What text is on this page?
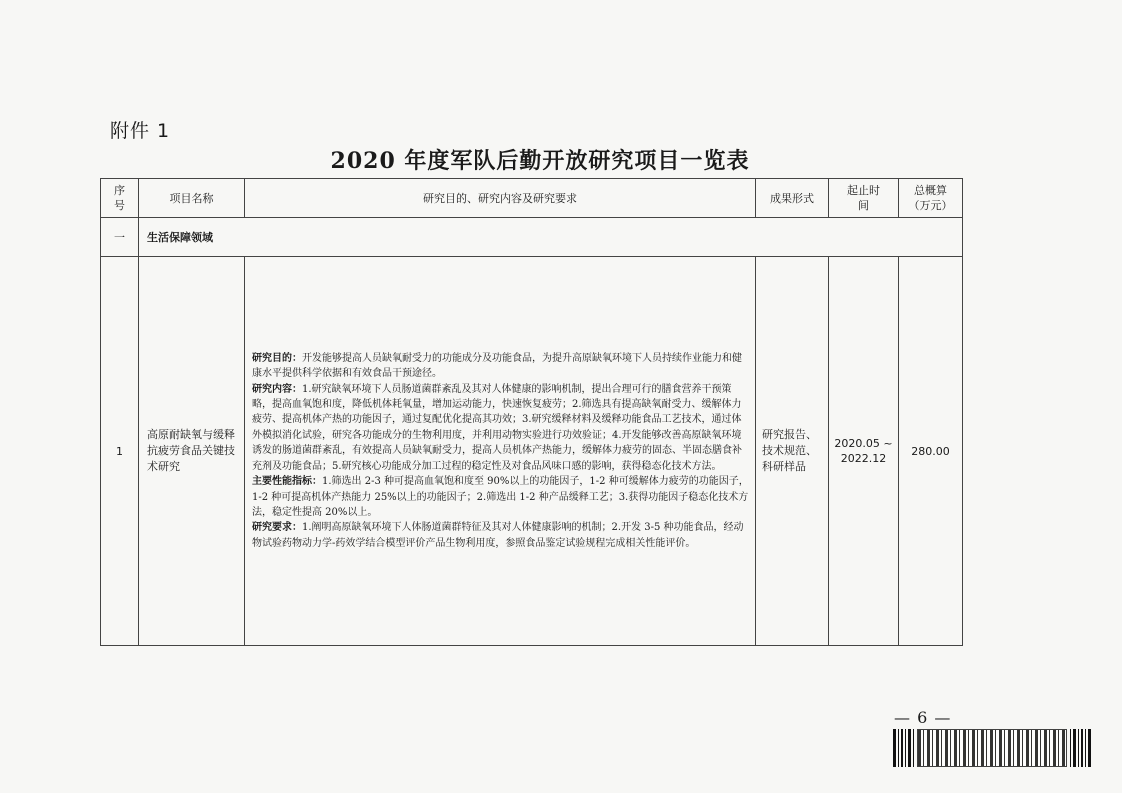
附件 1
2020 年度军队后勤开放研究项目一览表
序号	项目名称	研究目的、研究内容及研究要求	成果形式	起止时间	总概算（万元）
一	生活保障领域				
1	高原耐缺氧与缓释抗疲劳食品关键技术研究	研究目的：开发能够提高人员缺氧耐受力的功能成分及功能食品，为提升高原缺氧环境下人员持续作业能力和健康水平提供科学依据和有效食品干预途径。
研究内容：1.研究缺氧环境下人员肠道菌群紊乱及其对人体健康的影响机制，提出合理可行的膳食营养干预策略，提高血氧饱和度，降低机体耗氧量，增加运动能力，快速恢复疲劳；2.筛选具有提高缺氧耐受力、缓解体力疲劳、提高机体产热的功能因子，通过复配优化提高其功效；3.研究缓释材料及缓释功能食品工艺技术，通过体外模拟消化试验，研究各功能成分的生物利用度，并利用动物实验进行功效验证；4.开发能够改善高原缺氧环境诱发的肠道菌群紊乱，有效提高人员缺氧耐受力，提高人员机体产热能力，缓解体力疲劳的固态、半固态膳食补充剂及功能食品；5.研究核心功能成分加工过程的稳定性及对食品风味口感的影响，获得稳态化技术方法。
主要性能指标：1.筛选出 2-3 种可提高血氧饱和度至 90%以上的功能因子，1-2 种可缓解体力疲劳的功能因子，1-2 种可提高机体产热能力 25%以上的功能因子；2.筛选出 1-2 种产品缓释工艺；3.获得功能因子稳态化技术方法，稳定性提高 20%以上。
研究要求：1.阐明高原缺氧环境下人体肠道菌群特征及其对人体健康影响的机制；2.开发 3-5 种功能食品，经动物试验药物动力学-药效学结合模型评价产品生物利用度，参照食品鉴定试验规程完成相关性能评价。	研究报告、技术规范、科研样品	2020.05 ~ 2022.12	280.00
— 6 —
